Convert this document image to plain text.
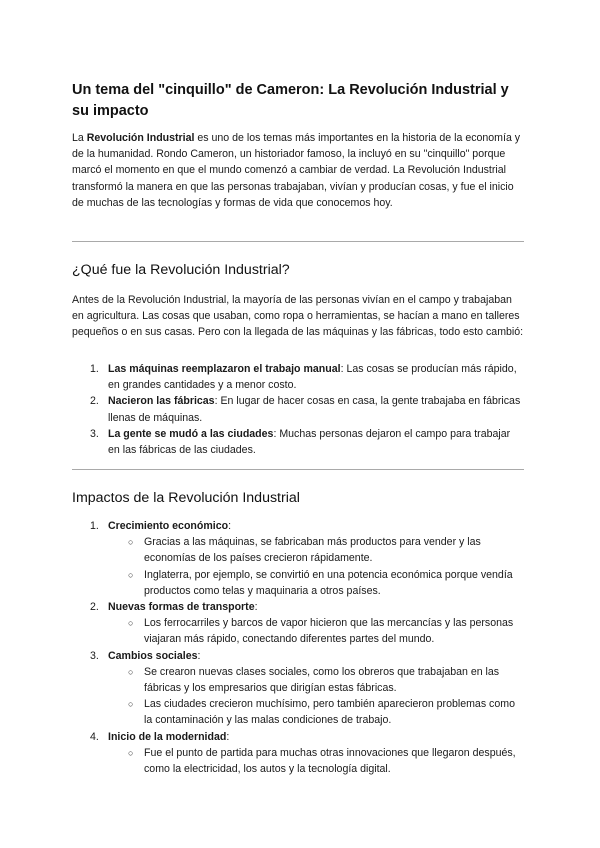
Un tema del "cinquillo" de Cameron: La Revolución Industrial y su impacto

La Revolución Industrial es uno de los temas más importantes en la historia de la economía y de la humanidad. Rondo Cameron, un historiador famoso, la incluyó en su "cinquillo" porque marcó el momento en que el mundo comenzó a cambiar de verdad. La Revolución Industrial transformó la manera en que las personas trabajaban, vivían y producían cosas, y fue el inicio de muchas de las tecnologías y formas de vida que conocemos hoy.

¿Qué fue la Revolución Industrial?

Antes de la Revolución Industrial, la mayoría de las personas vivían en el campo y trabajaban en agricultura. Las cosas que usaban, como ropa o herramientas, se hacían a mano en talleres pequeños o en sus casas. Pero con la llegada de las máquinas y las fábricas, todo esto cambió:

1. Las máquinas reemplazaron el trabajo manual: Las cosas se producían más rápido, en grandes cantidades y a menor costo.
2. Nacieron las fábricas: En lugar de hacer cosas en casa, la gente trabajaba en fábricas llenas de máquinas.
3. La gente se mudó a las ciudades: Muchas personas dejaron el campo para trabajar en las fábricas de las ciudades.
Impactos de la Revolución Industrial
1. Crecimiento económico:
○ Gracias a las máquinas, se fabricaban más productos para vender y las economías de los países crecieron rápidamente.
○ Inglaterra, por ejemplo, se convirtió en una potencia económica porque vendía productos como telas y maquinaria a otros países.
2. Nuevas formas de transporte:
○ Los ferrocarriles y barcos de vapor hicieron que las mercancías y las personas viajaran más rápido, conectando diferentes partes del mundo.
3. Cambios sociales:
○ Se crearon nuevas clases sociales, como los obreros que trabajaban en las fábricas y los empresarios que dirigían estas fábricas.
○ Las ciudades crecieron muchísimo, pero también aparecieron problemas como la contaminación y las malas condiciones de trabajo.
4. Inicio de la modernidad:
○ Fue el punto de partida para muchas otras innovaciones que llegaron después, como la electricidad, los autos y la tecnología digital.
